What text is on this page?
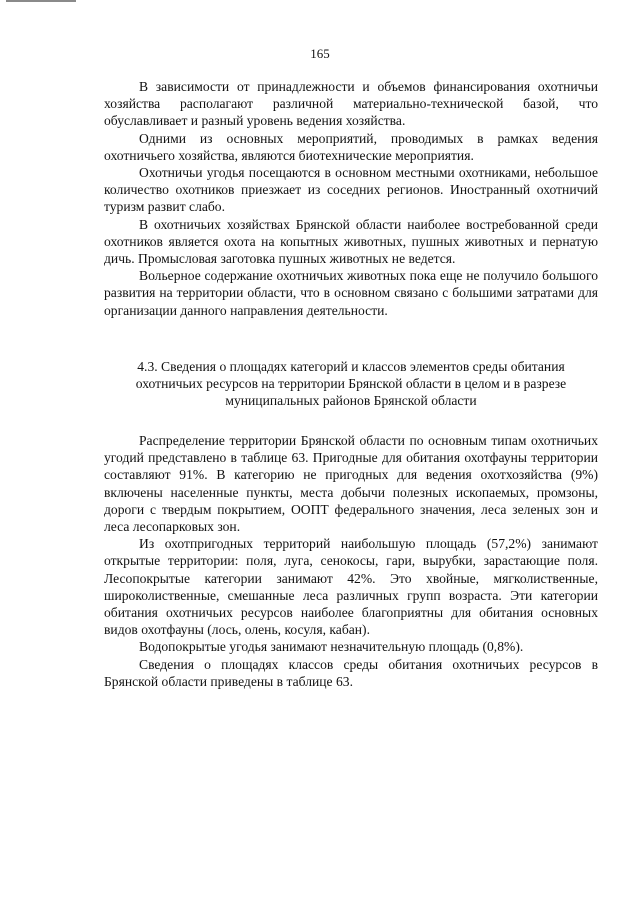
165

В зависимости от принадлежности и объемов финансирования охотничьи хозяйства располагают различной материально-технической базой, что обуславливает и разный уровень ведения хозяйства.

Одними из основных мероприятий, проводимых в рамках ведения охотничьего хозяйства, являются биотехнические мероприятия.

Охотничьи угодья посещаются в основном местными охотниками, небольшое количество охотников приезжает из соседних регионов. Иностранный охотничий туризм развит слабо.

В охотничьих хозяйствах Брянской области наиболее востребованной среди охотников является охота на копытных животных, пушных животных и пернатую дичь. Промысловая заготовка пушных животных не ведется.

Вольерное содержание охотничьих животных пока еще не получило большого развития на территории области, что в основном связано с большими затратами для организации данного направления деятельности.

4.3. Сведения о площадях категорий и классов элементов среды обитания
охотничьих ресурсов на территории Брянской области в целом и в разрезе
муниципальных районов Брянской области

Распределение территории Брянской области по основным типам охотничьих угодий представлено в таблице 63. Пригодные для обитания охотфауны территории составляют 91%. В категорию не пригодных для ведения охотхозяйства (9%) включены населенные пункты, места добычи полезных ископаемых, промзоны, дороги с твердым покрытием, ООПТ федерального значения, леса зеленых зон и леса лесопарковых зон.

Из охотпригодных территорий наибольшую площадь (57,2%) занимают открытые территории: поля, луга, сенокосы, гари, вырубки, зарастающие поля. Лесопокрытые категории занимают 42%. Это хвойные, мягколиственные, широколиственные, смешанные леса различных групп возраста. Эти категории обитания охотничьих ресурсов наиболее благоприятны для обитания основных видов охотфауны (лось, олень, косуля, кабан).

Водопокрытые угодья занимают незначительную площадь (0,8%).

Сведения о площадях классов среды обитания охотничьих ресурсов в Брянской области приведены в таблице 63.
